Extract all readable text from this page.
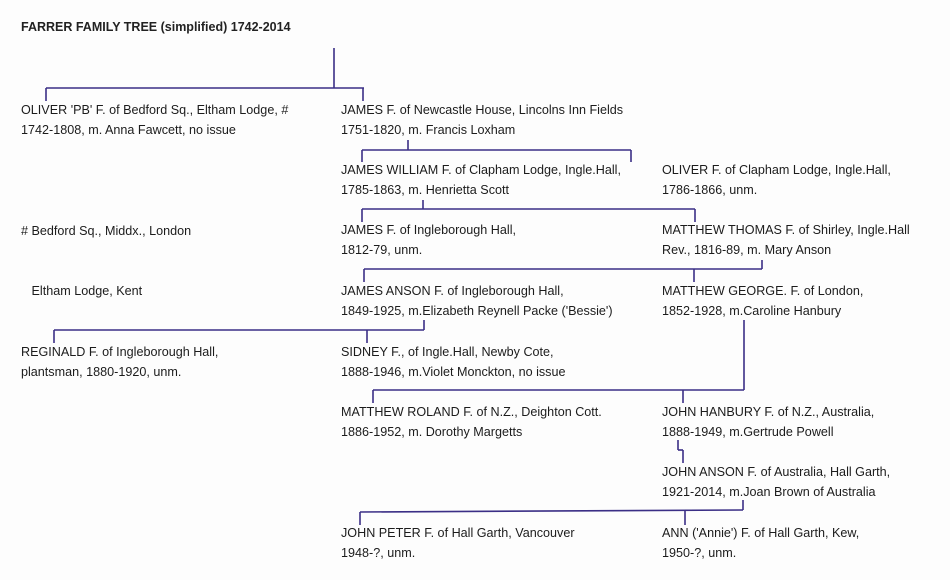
FARRER FAMILY TREE (simplified) 1742-2014
OLIVER 'PB' F. of Bedford Sq., Eltham Lodge, #
1742-1808, m. Anna Fawcett, no issue
JAMES F. of Newcastle House, Lincolns Inn Fields
1751-1820, m. Francis Loxham

# Bedford Sq., Middx., London

Eltham Lodge, Kent

JAMES WILLIAM F. of Clapham Lodge, Ingle.Hall,
1785-1863, m. Henrietta Scott
OLIVER F. of Clapham Lodge, Ingle.Hall,
1786-1866, unm.
JAMES F. of Ingleborough Hall,
1812-79, unm.
MATTHEW THOMAS F. of Shirley, Ingle.Hall
Rev., 1816-89, m. Mary Anson
JAMES ANSON F. of Ingleborough Hall,
1849-1925, m.Elizabeth Reynell Packe ('Bessie')
MATTHEW GEORGE. F. of London,
1852-1928, m.Caroline Hanbury
REGINALD F. of Ingleborough Hall,
plantsman, 1880-1920, unm.
SIDNEY F., of Ingle.Hall, Newby Cote,
1888-1946, m.Violet Monckton, no issue
MATTHEW ROLAND F. of N.Z., Deighton Cott.
1886-1952, m. Dorothy Margetts
JOHN HANBURY F. of N.Z., Australia,
1888-1949, m.Gertrude Powell
JOHN ANSON F. of Australia, Hall Garth,
1921-2014, m.Joan Brown of Australia
JOHN PETER F. of Hall Garth, Vancouver
1948-?, unm.
ANN ('Annie') F. of Hall Garth, Kew,
1950-?, unm.
